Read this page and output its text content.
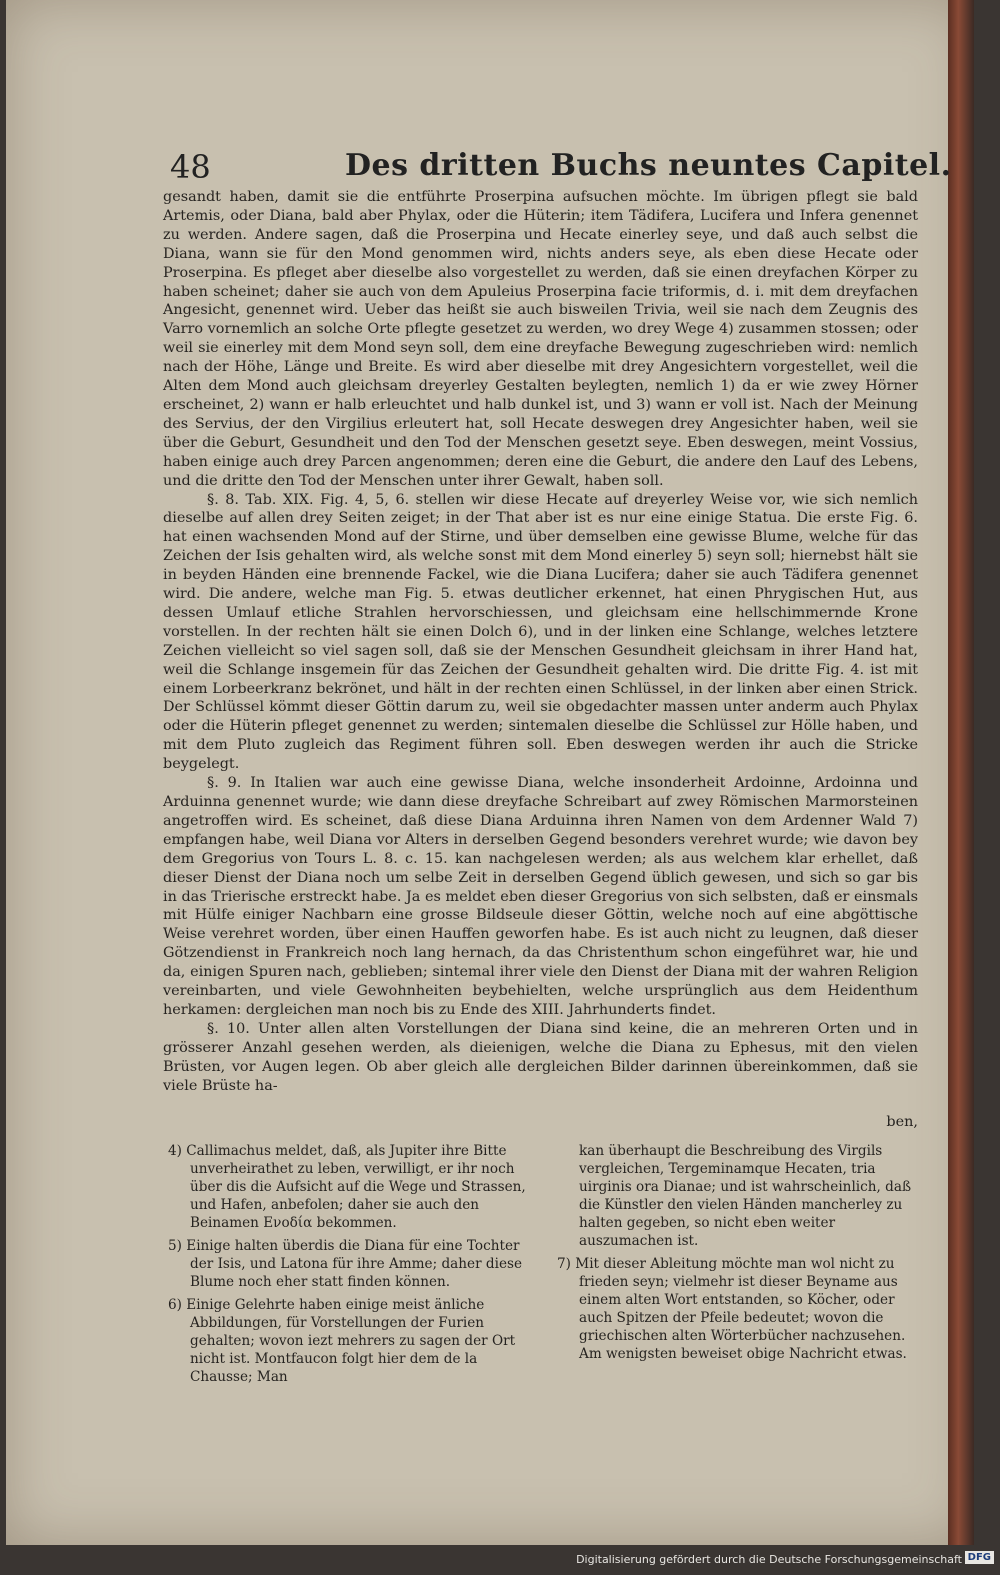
48	Des dritten Buchs neuntes Capitel.

gesandt haben, damit sie die entführte Proserpina aufsuchen möchte. Im übrigen pflegt sie bald Artemis, oder Diana, bald aber Phylax, oder die Hüterin; item Tädifera, Lucifera und Infera genennet zu werden. Andere sagen, daß die Proserpina und Hecate einerley seye, und daß auch selbst die Diana, wann sie für den Mond genommen wird, nichts anders seye, als eben diese Hecate oder Proserpina. Es pfleget aber dieselbe also vorgestellet zu werden, daß sie einen dreyfachen Körper zu haben scheinet; daher sie auch von dem Apuleius Proserpina facie triformis, d. i. mit dem dreyfachen Angesicht, genennet wird. Ueber das heißt sie auch bisweilen Trivia, weil sie nach dem Zeugnis des Varro vornemlich an solche Orte pflegte gesetzet zu werden, wo drey Wege 4) zusammen stossen; oder weil sie einerley mit dem Mond seyn soll, dem eine dreyfache Bewegung zugeschrieben wird: nemlich nach der Höhe, Länge und Breite. Es wird aber dieselbe mit drey Angesichtern vorgestellet, weil die Alten dem Mond auch gleichsam dreyerley Gestalten beylegten, nemlich 1) da er wie zwey Hörner erscheinet, 2) wann er halb erleuchtet und halb dunkel ist, und 3) wann er voll ist. Nach der Meinung des Servius, der den Virgilius erleutert hat, soll Hecate deswegen drey Angesichter haben, weil sie über die Geburt, Gesundheit und den Tod der Menschen gesetzt seye. Eben deswegen, meint Vossius, haben einige auch drey Parcen angenommen; deren eine die Geburt, die andere den Lauf des Lebens, und die dritte den Tod der Menschen unter ihrer Gewalt, haben soll.

§. 8. Tab. XIX. Fig. 4, 5, 6. stellen wir diese Hecate auf dreyerley Weise vor, wie sich nemlich dieselbe auf allen drey Seiten zeiget; in der That aber ist es nur eine einige Statua. Die erste Fig. 6. hat einen wachsenden Mond auf der Stirne, und über demselben eine gewisse Blume, welche für das Zeichen der Isis gehalten wird, als welche sonst mit dem Mond einerley 5) seyn soll; hiernebst hält sie in beyden Händen eine brennende Fackel, wie die Diana Lucifera; daher sie auch Tädifera genennet wird. Die andere, welche man Fig. 5. etwas deutlicher erkennet, hat einen Phrygischen Hut, aus dessen Umlauf etliche Strahlen hervorschiessen, und gleichsam eine hellschimmernde Krone vorstellen. In der rechten hält sie einen Dolch 6), und in der linken eine Schlange, welches letztere Zeichen vielleicht so viel sagen soll, daß sie der Menschen Gesundheit gleichsam in ihrer Hand hat, weil die Schlange insgemein für das Zeichen der Gesundheit gehalten wird. Die dritte Fig. 4. ist mit einem Lorbeerkranz bekrönet, und hält in der rechten einen Schlüssel, in der linken aber einen Strick. Der Schlüssel kömmt dieser Göttin darum zu, weil sie obgedachter massen unter anderm auch Phylax oder die Hüterin pfleget genennet zu werden; sintemalen dieselbe die Schlüssel zur Hölle haben, und mit dem Pluto zugleich das Regiment führen soll. Eben deswegen werden ihr auch die Stricke beygelegt.

§. 9. In Italien war auch eine gewisse Diana, welche insonderheit Ardoinne, Ardoinna und Arduinna genennet wurde; wie dann diese dreyfache Schreibart auf zwey Römischen Marmorsteinen angetroffen wird. Es scheinet, daß diese Diana Arduinna ihren Namen von dem Ardenner Wald 7) empfangen habe, weil Diana vor Alters in derselben Gegend besonders verehret wurde; wie davon bey dem Gregorius von Tours L. 8. c. 15. kan nachgelesen werden; als aus welchem klar erhellet, daß dieser Dienst der Diana noch um selbe Zeit in derselben Gegend üblich gewesen, und sich so gar bis in das Trierische erstreckt habe. Ja es meldet eben dieser Gregorius von sich selbsten, daß er einsmals mit Hülfe einiger Nachbarn eine grosse Bildseule dieser Göttin, welche noch auf eine abgöttische Weise verehret worden, über einen Hauffen geworfen habe. Es ist auch nicht zu leugnen, daß dieser Götzendienst in Frankreich noch lang hernach, da das Christenthum schon eingeführet war, hie und da, einigen Spuren nach, geblieben; sintemal ihrer viele den Dienst der Diana mit der wahren Religion vereinbarten, und viele Gewohnheiten beybehielten, welche ursprünglich aus dem Heidenthum herkamen: dergleichen man noch bis zu Ende des XIII. Jahrhunderts findet.

§. 10. Unter allen alten Vorstellungen der Diana sind keine, die an mehreren Orten und in grösserer Anzahl gesehen werden, als dieienigen, welche die Diana zu Ephesus, mit den vielen Brüsten, vor Augen legen. Ob aber gleich alle dergleichen Bilder darinnen übereinkommen, daß sie viele Brüste ha-

ben,

4) Callimachus meldet, daß, als Jupiter ihre Bitte unverheirathet zu leben, verwilligt, er ihr noch über dis die Aufsicht auf die Wege und Strassen, und Hafen, anbefolen; daher sie auch den Beinamen Ενοδία bekommen.

5) Einige halten überdis die Diana für eine Tochter der Isis, und Latona für ihre Amme; daher diese Blume noch eher statt finden können.

6) Einige Gelehrte haben einige meist änliche Abbildungen, für Vorstellungen der Furien gehalten; wovon iezt mehrers zu sagen der Ort nicht ist. Montfaucon folgt hier dem de la Chausse; Man

kan überhaupt die Beschreibung des Virgils vergleichen, Tergeminamque Hecaten, tria uirginis ora Dianae; und ist wahrscheinlich, daß die Künstler den vielen Händen mancherley zu halten gegeben, so nicht eben weiter auszumachen ist.

7) Mit dieser Ableitung möchte man wol nicht zu frieden seyn; vielmehr ist dieser Beyname aus einem alten Wort entstanden, so Köcher, oder auch Spitzen der Pfeile bedeutet; wovon die griechischen alten Wörterbücher nachzusehen. Am wenigsten beweiset obige Nachricht etwas.

Digitalisierung gefördert durch die Deutsche Forschungsgemeinschaft DFG
